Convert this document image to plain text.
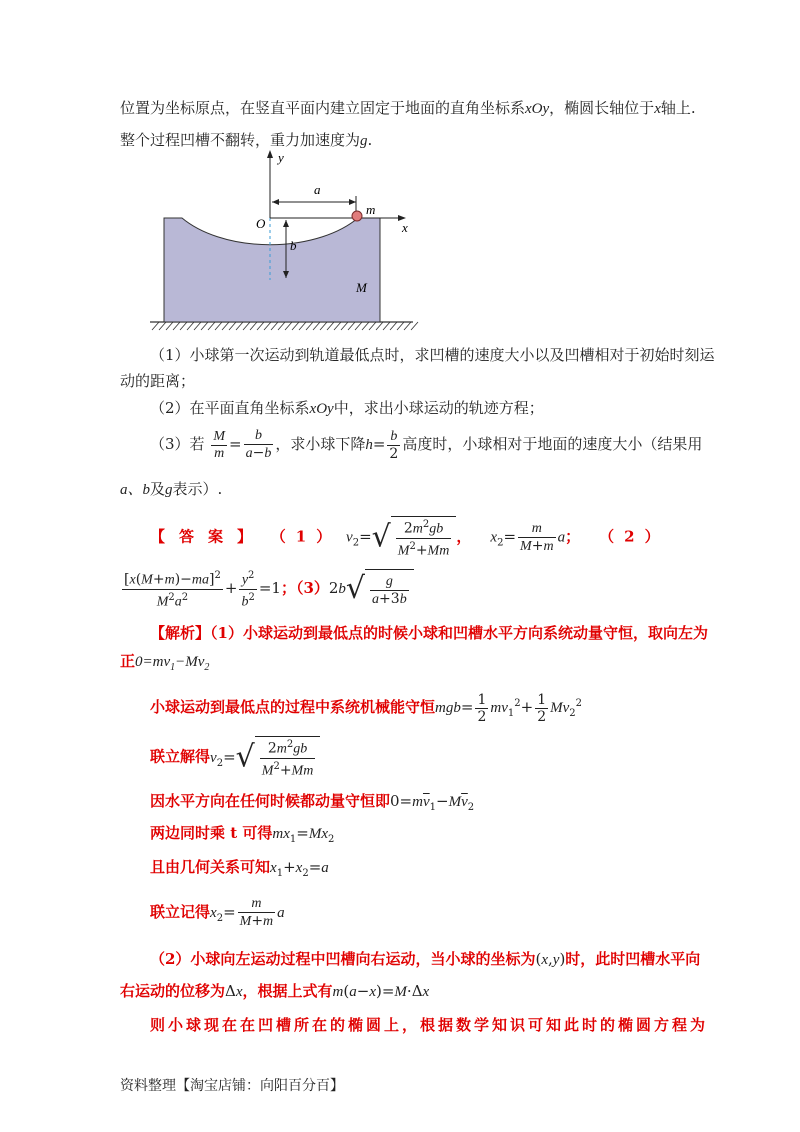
位置为坐标原点，在竖直平面内建立固定于地面的直角坐标系xOy，椭圆长轴位于x轴上.
整个过程凹槽不翻转，重力加速度为g.
y
x
O
a
b
m
M
（1）小球第一次运动到轨道最低点时，求凹槽的速度大小以及凹槽相对于初始时刻运
动的距离；
（2）在平面直角坐标系xOy中，求出小球运动的轨迹方程；
（3）若 $\frac{M}{m} = \frac{b}{a-b}$ ，求小球下降$h= \frac{b}{2}$ 高度时，小球相对于地面的速度大小（结果用
a、b及g表示）.
【答案】 （1） $v_2=√ \frac{2m^2gb}{M^2+Mm}$ ， $x_2= \frac{m}{M+m}$ a； （2）
$\frac{[x(M+m)-ma]^2}{M^2a^2} + \frac{y^2}{b^2} =1$；$(3)2b√ \frac{g}{a+3b}$
【解析】（1）小球运动到最低点的时候小球和凹槽水平方向系统动量守恒，取向左为
正$0=mv_1-Mv_2$
小球运动到最低点的过程中系统机械能守恒$mgb= \frac{1}{2} mv_1^2+ \frac{1}{2} Mv_2^2$
联立解得$v_2=√ \frac{2m^2gb}{M^2+Mm}$
因水平方向在任何时候都动量守恒即$0=m\overline{v}_1-M\overline{v}_2$
两边同时乘 t 可得$mx_1=Mx_2$
且由几何关系可知$x_1+x_2=a$
联立记得$x_2= \frac{m}{M+m}$ a
（2）小球向左运动过程中凹槽向右运动，当小球的坐标为(x,y)时，此时凹槽水平向
右运动的位移为Δx，根据上式有m(a−x)=M·Δx
则小球现在在凹槽所在的椭圆上，根据数学知识可知此时的椭圆方程为
资料整理【淘宝店铺：向阳百分百】
